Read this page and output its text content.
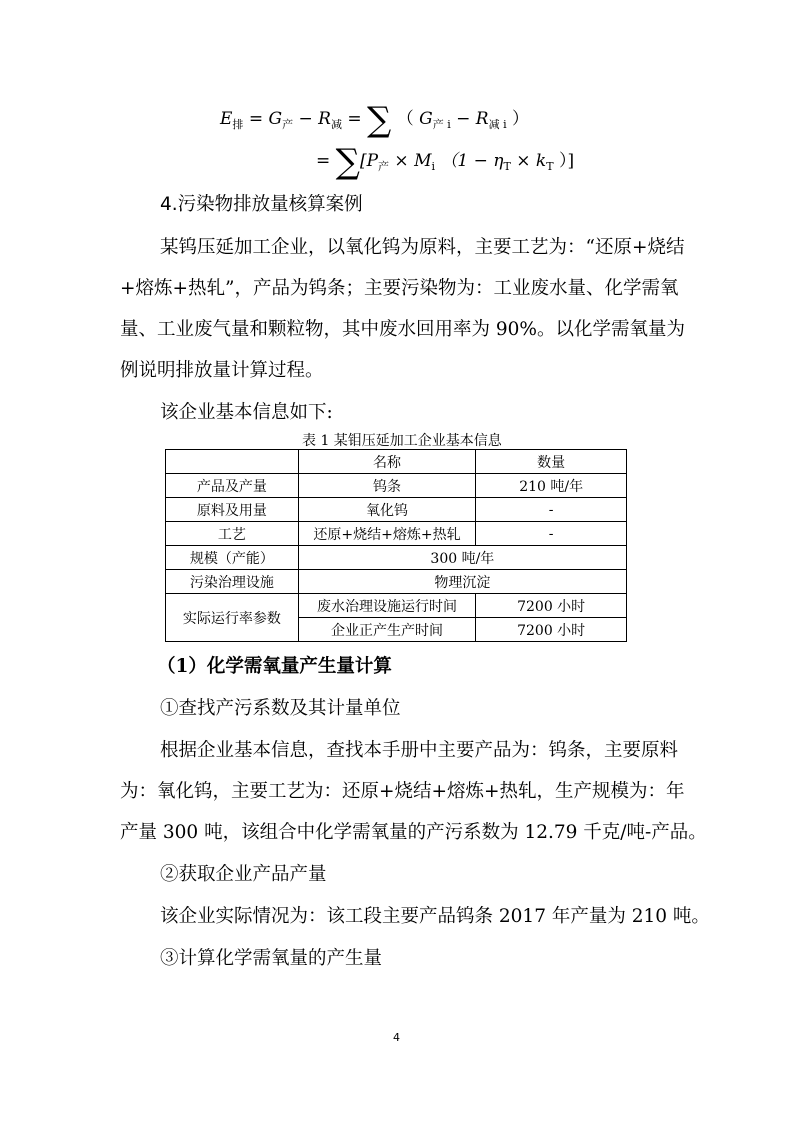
$E_排 = G_产 - R_减$ = ∑ （ $G_{产 i} - R_{减 i}$ ）
= $\sum[P_产 \times M_i$ （$1 - \eta_T \times k_T$ ）]
4.污染物排放量核算案例
某钨压延加工企业，以氧化钨为原料，主要工艺为：“还原+烧结
+熔炼+热轧”，产品为钨条；主要污染物为：工业废水量、化学需氧
量、工业废气量和颗粒物，其中废水回用率为 90%。以化学需氧量为
例说明排放量计算过程。
该企业基本信息如下:
表 1 某钼压延加工企业基本信息
	名称	数量
产品及产量	钨条	210 吨/年
原料及用量	氧化钨	-
工艺	还原+烧结+熔炼+热轧	-
规模（产能）	300 吨/年	
污染治理设施	物理沉淀	
实际运行率参数	废水治理设施运行时间	7200 小时
	企业正产生产时间	7200 小时
（1）化学需氧量产生量计算
①查找产污系数及其计量单位
根据企业基本信息，查找本手册中主要产品为：钨条，主要原料
为：氧化钨，主要工艺为：还原+烧结+熔炼+热轧，生产规模为：年
产量 300 吨，该组合中化学需氧量的产污系数为 12.79 千克/吨-产品。
②获取企业产品产量
该企业实际情况为：该工段主要产品钨条 2017 年产量为 210 吨。
③计算化学需氧量的产生量
4
